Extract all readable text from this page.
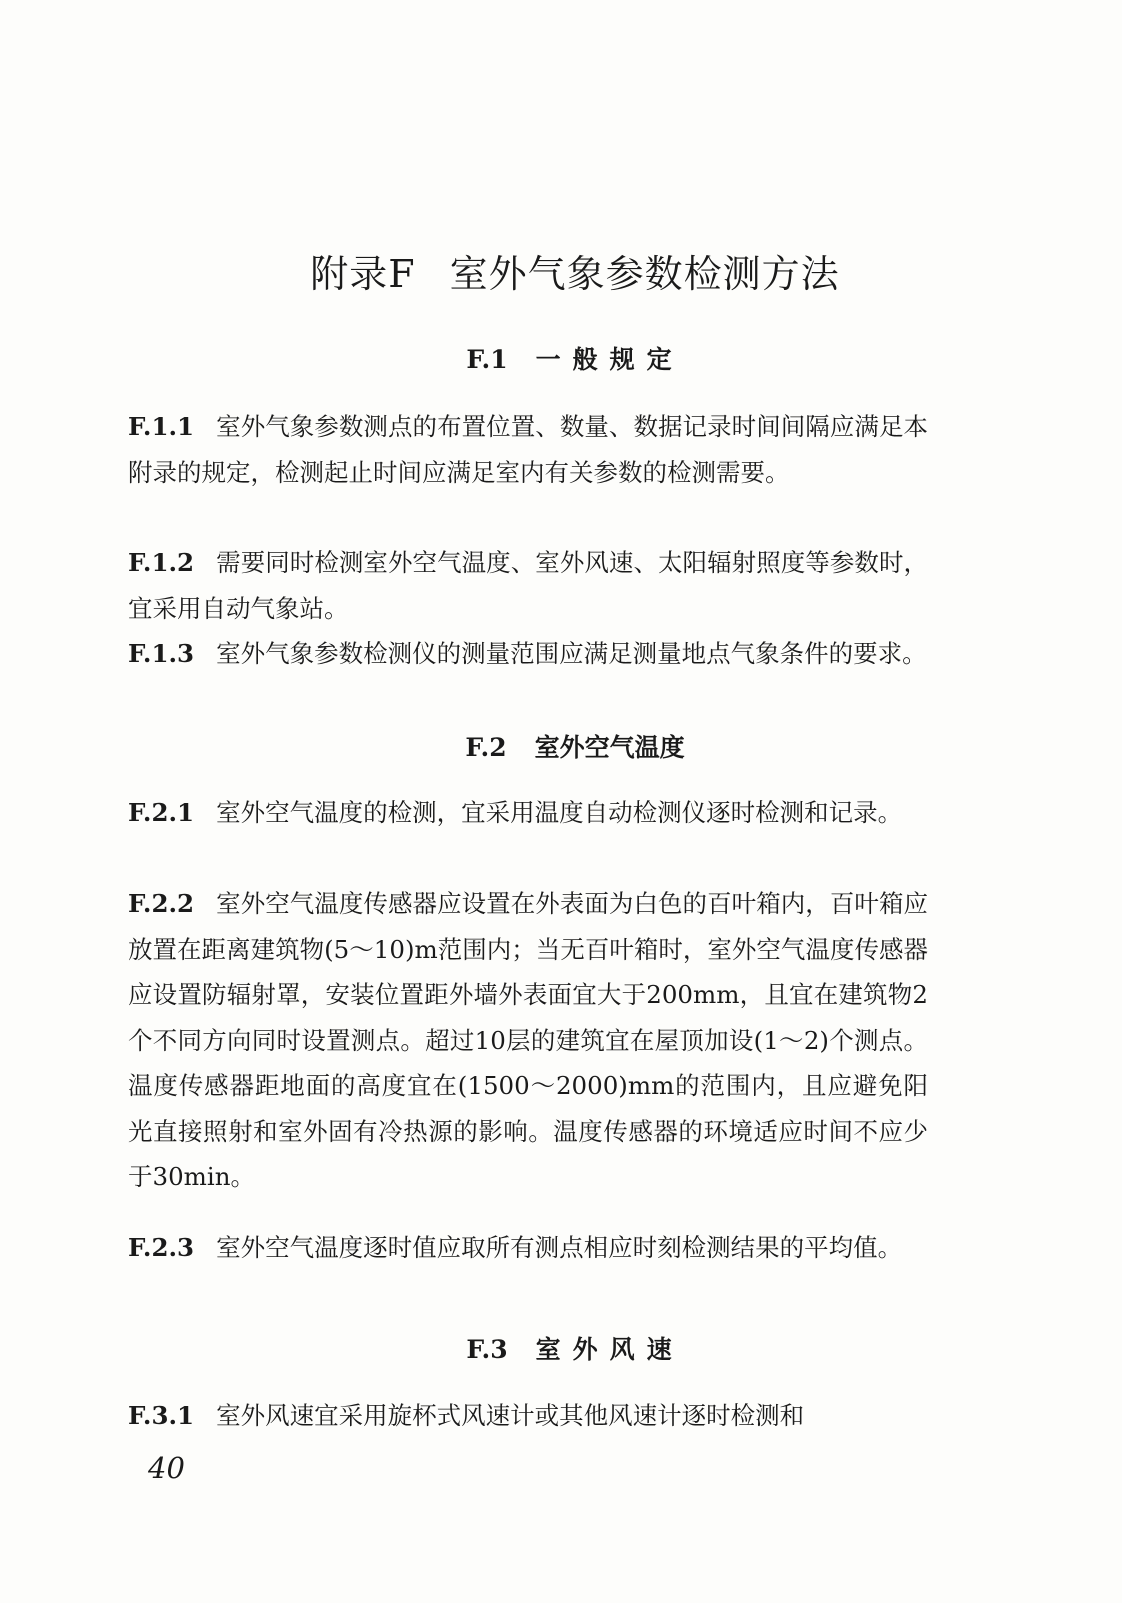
附录F 室外气象参数检测方法
F.1 一般规定

F.1.1 室外气象参数测点的布置位置、数量、数据记录时间间隔应满足本附录的规定，检测起止时间应满足室内有关参数的检测需要。

F.1.2 需要同时检测室外空气温度、室外风速、太阳辐射照度等参数时，宜采用自动气象站。

F.1.3 室外气象参数检测仪的测量范围应满足测量地点气象条件的要求。

F.2 室外空气温度

F.2.1 室外空气温度的检测，宜采用温度自动检测仪逐时检测和记录。

F.2.2 室外空气温度传感器应设置在外表面为白色的百叶箱内，百叶箱应放置在距离建筑物(5～10)m范围内；当无百叶箱时，室外空气温度传感器应设置防辐射罩，安装位置距外墙外表面宜大于200mm，且宜在建筑物2个不同方向同时设置测点。超过10层的建筑宜在屋顶加设(1～2)个测点。温度传感器距地面的高度宜在(1500～2000)mm的范围内，且应避免阳光直接照射和室外固有冷热源的影响。温度传感器的环境适应时间不应少于30min。

F.2.3 室外空气温度逐时值应取所有测点相应时刻检测结果的平均值。

F.3 室外风速

F.3.1 室外风速宜采用旋杯式风速计或其他风速计逐时检测和

40
